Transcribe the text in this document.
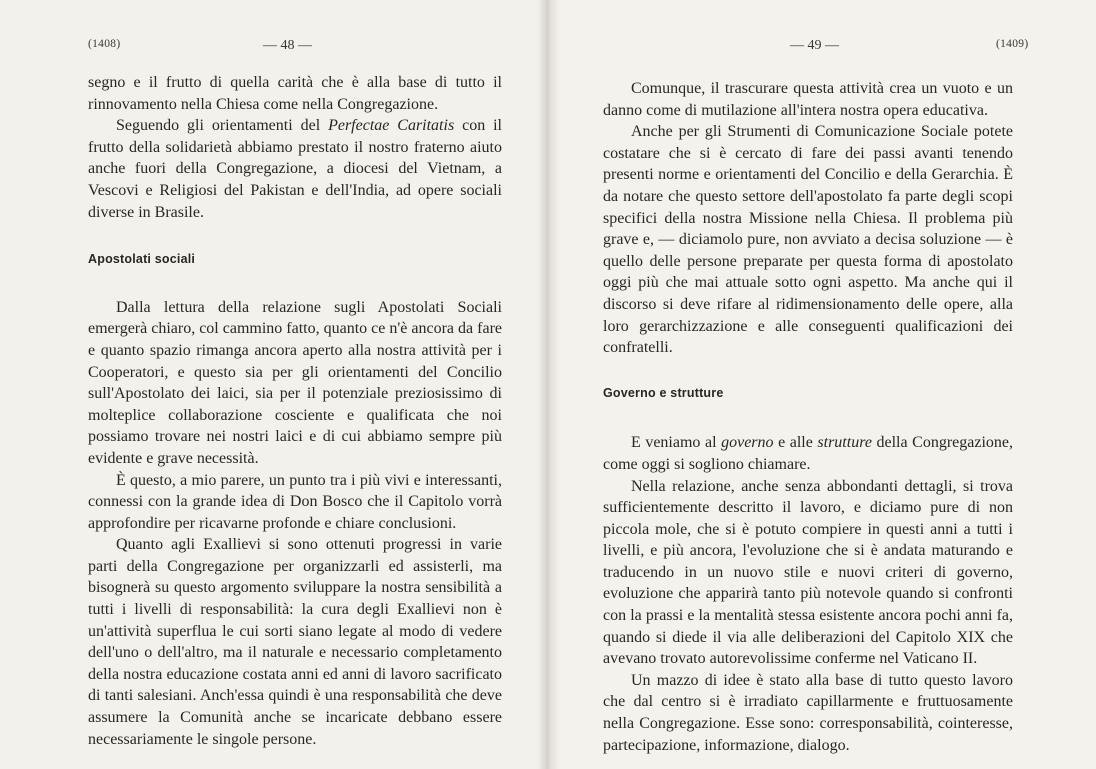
(1408)	— 48 —

segno e il frutto di quella carità che è alla base di tutto il rinnovamento nella Chiesa come nella Congregazione.

Seguendo gli orientamenti del Perfectae Caritatis con il frutto della solidarietà abbiamo prestato il nostro fraterno aiuto anche fuori della Congregazione, a diocesi del Vietnam, a Vescovi e Religiosi del Pakistan e dell'India, ad opere sociali diverse in Brasile.

Apostolati sociali

Dalla lettura della relazione sugli Apostolati Sociali emergerà chiaro, col cammino fatto, quanto ce n'è ancora da fare e quanto spazio rimanga ancora aperto alla nostra attività per i Cooperatori, e questo sia per gli orientamenti del Concilio sull'Apostolato dei laici, sia per il potenziale preziosissimo di molteplice collaborazione cosciente e qualificata che noi possiamo trovare nei nostri laici e di cui abbiamo sempre più evidente e grave necessità.

È questo, a mio parere, un punto tra i più vivi e interessanti, connessi con la grande idea di Don Bosco che il Capitolo vorrà approfondire per ricavarne profonde e chiare conclusioni.

Quanto agli Exallievi si sono ottenuti progressi in varie parti della Congregazione per organizzarli ed assisterli, ma bisognerà su questo argomento sviluppare la nostra sensibilità a tutti i livelli di responsabilità: la cura degli Exallievi non è un'attività superflua le cui sorti siano legate al modo di vedere dell'uno o dell'altro, ma il naturale e necessario completamento della nostra educazione costata anni ed anni di lavoro sacrificato di tanti salesiani. Anch'essa quindi è una responsabilità che deve assumere la Comunità anche se incaricate debbano essere necessariamente le singole persone.

— 49 —	(1409)

Comunque, il trascurare questa attività crea un vuoto e un danno come di mutilazione all'intera nostra opera educativa.

Anche per gli Strumenti di Comunicazione Sociale potete costatare che si è cercato di fare dei passi avanti tenendo presenti norme e orientamenti del Concilio e della Gerarchia. È da notare che questo settore dell'apostolato fa parte degli scopi specifici della nostra Missione nella Chiesa. Il problema più grave e, — diciamolo pure, non avviato a decisa soluzione — è quello delle persone preparate per questa forma di apostolato oggi più che mai attuale sotto ogni aspetto. Ma anche qui il discorso si deve rifare al ridimensionamento delle opere, alla loro gerarchizzazione e alle conseguenti qualificazioni dei confratelli.

Governo e strutture

E veniamo al governo e alle strutture della Congregazione, come oggi si sogliono chiamare.

Nella relazione, anche senza abbondanti dettagli, si trova sufficientemente descritto il lavoro, e diciamo pure di non piccola mole, che si è potuto compiere in questi anni a tutti i livelli, e più ancora, l'evoluzione che si è andata maturando e traducendo in un nuovo stile e nuovi criteri di governo, evoluzione che apparirà tanto più notevole quando si confronti con la prassi e la mentalità stessa esistente ancora pochi anni fa, quando si diede il via alle deliberazioni del Capitolo XIX che avevano trovato autorevolissime conferme nel Vaticano II.

Un mazzo di idee è stato alla base di tutto questo lavoro che dal centro si è irradiato capillarmente e fruttuosamente nella Congregazione. Esse sono: corresponsabilità, cointeresse, partecipazione, informazione, dialogo.
